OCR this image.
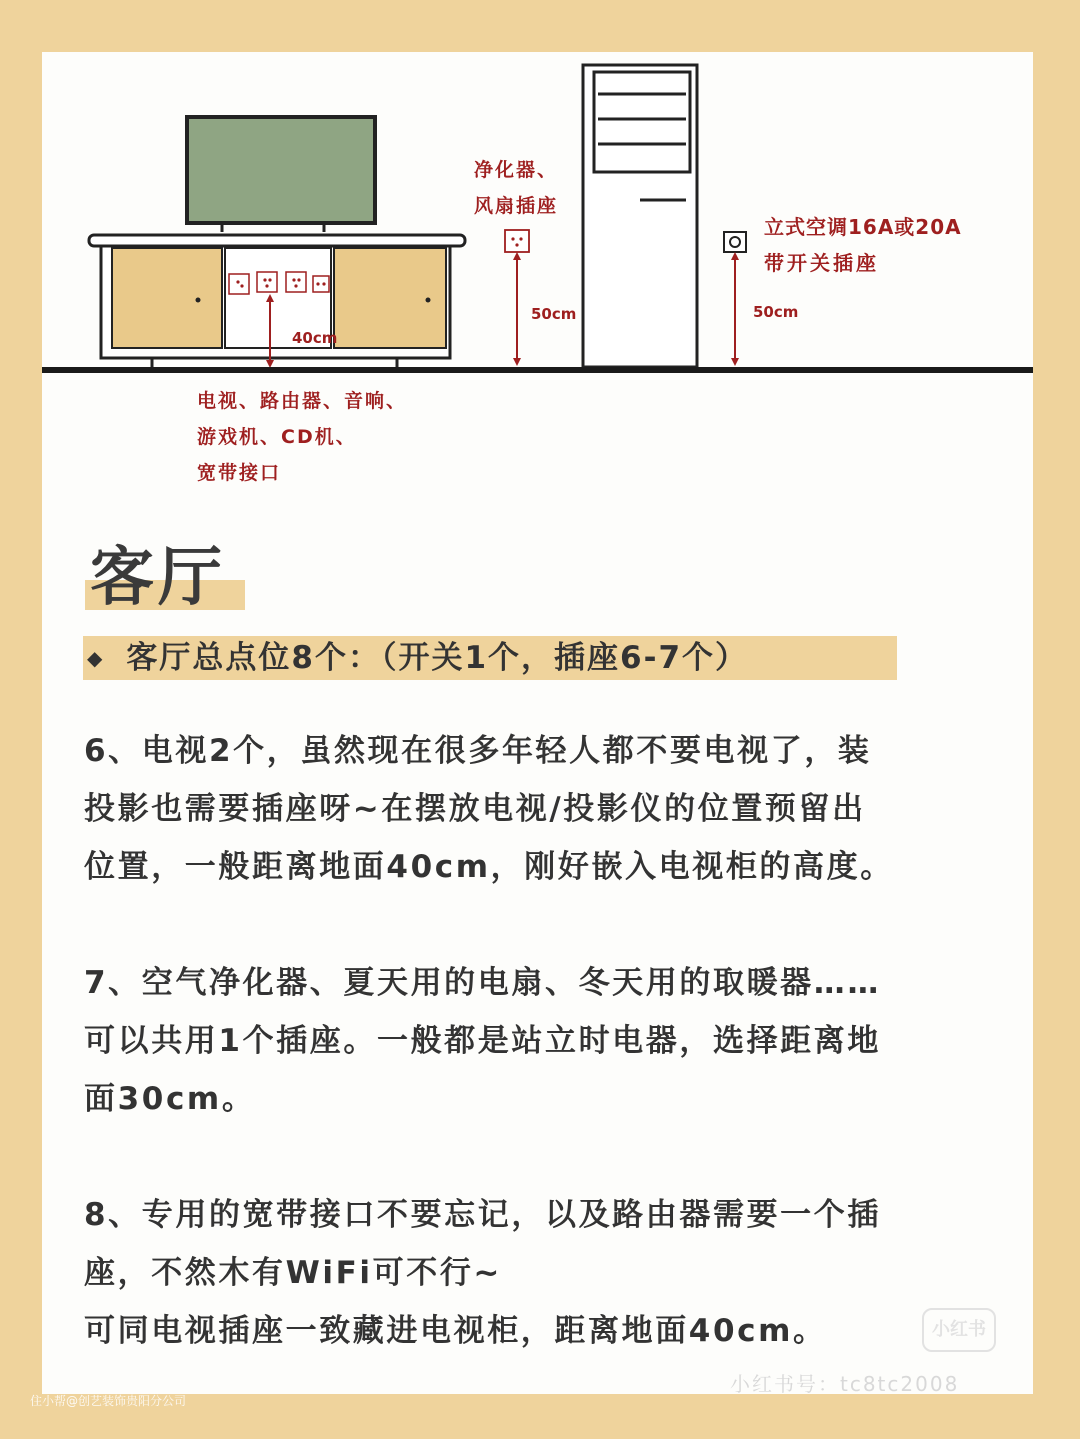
净化器、
风扇插座
50cm
立式空调16A或20A
带开关插座
50cm
40cm
电视、路由器、音响、
游戏机、CD机、
宽带接口
客厅
◆ 客厅总点位8个：（开关1个，插座6-7个）
6、电视2个，虽然现在很多年轻人都不要电视了，装
投影也需要插座呀~在摆放电视/投影仪的位置预留出
位置，一般距离地面40cm，刚好嵌入电视柜的高度。
7、空气净化器、夏天用的电扇、冬天用的取暖器……
可以共用1个插座。一般都是站立时电器，选择距离地
面30cm。
8、专用的宽带接口不要忘记，以及路由器需要一个插
座，不然木有WiFi可不行~
可同电视插座一致藏进电视柜，距离地面40cm。	小红书
小红书号：tc8tc2008
住小帮@创艺装饰贵阳分公司
